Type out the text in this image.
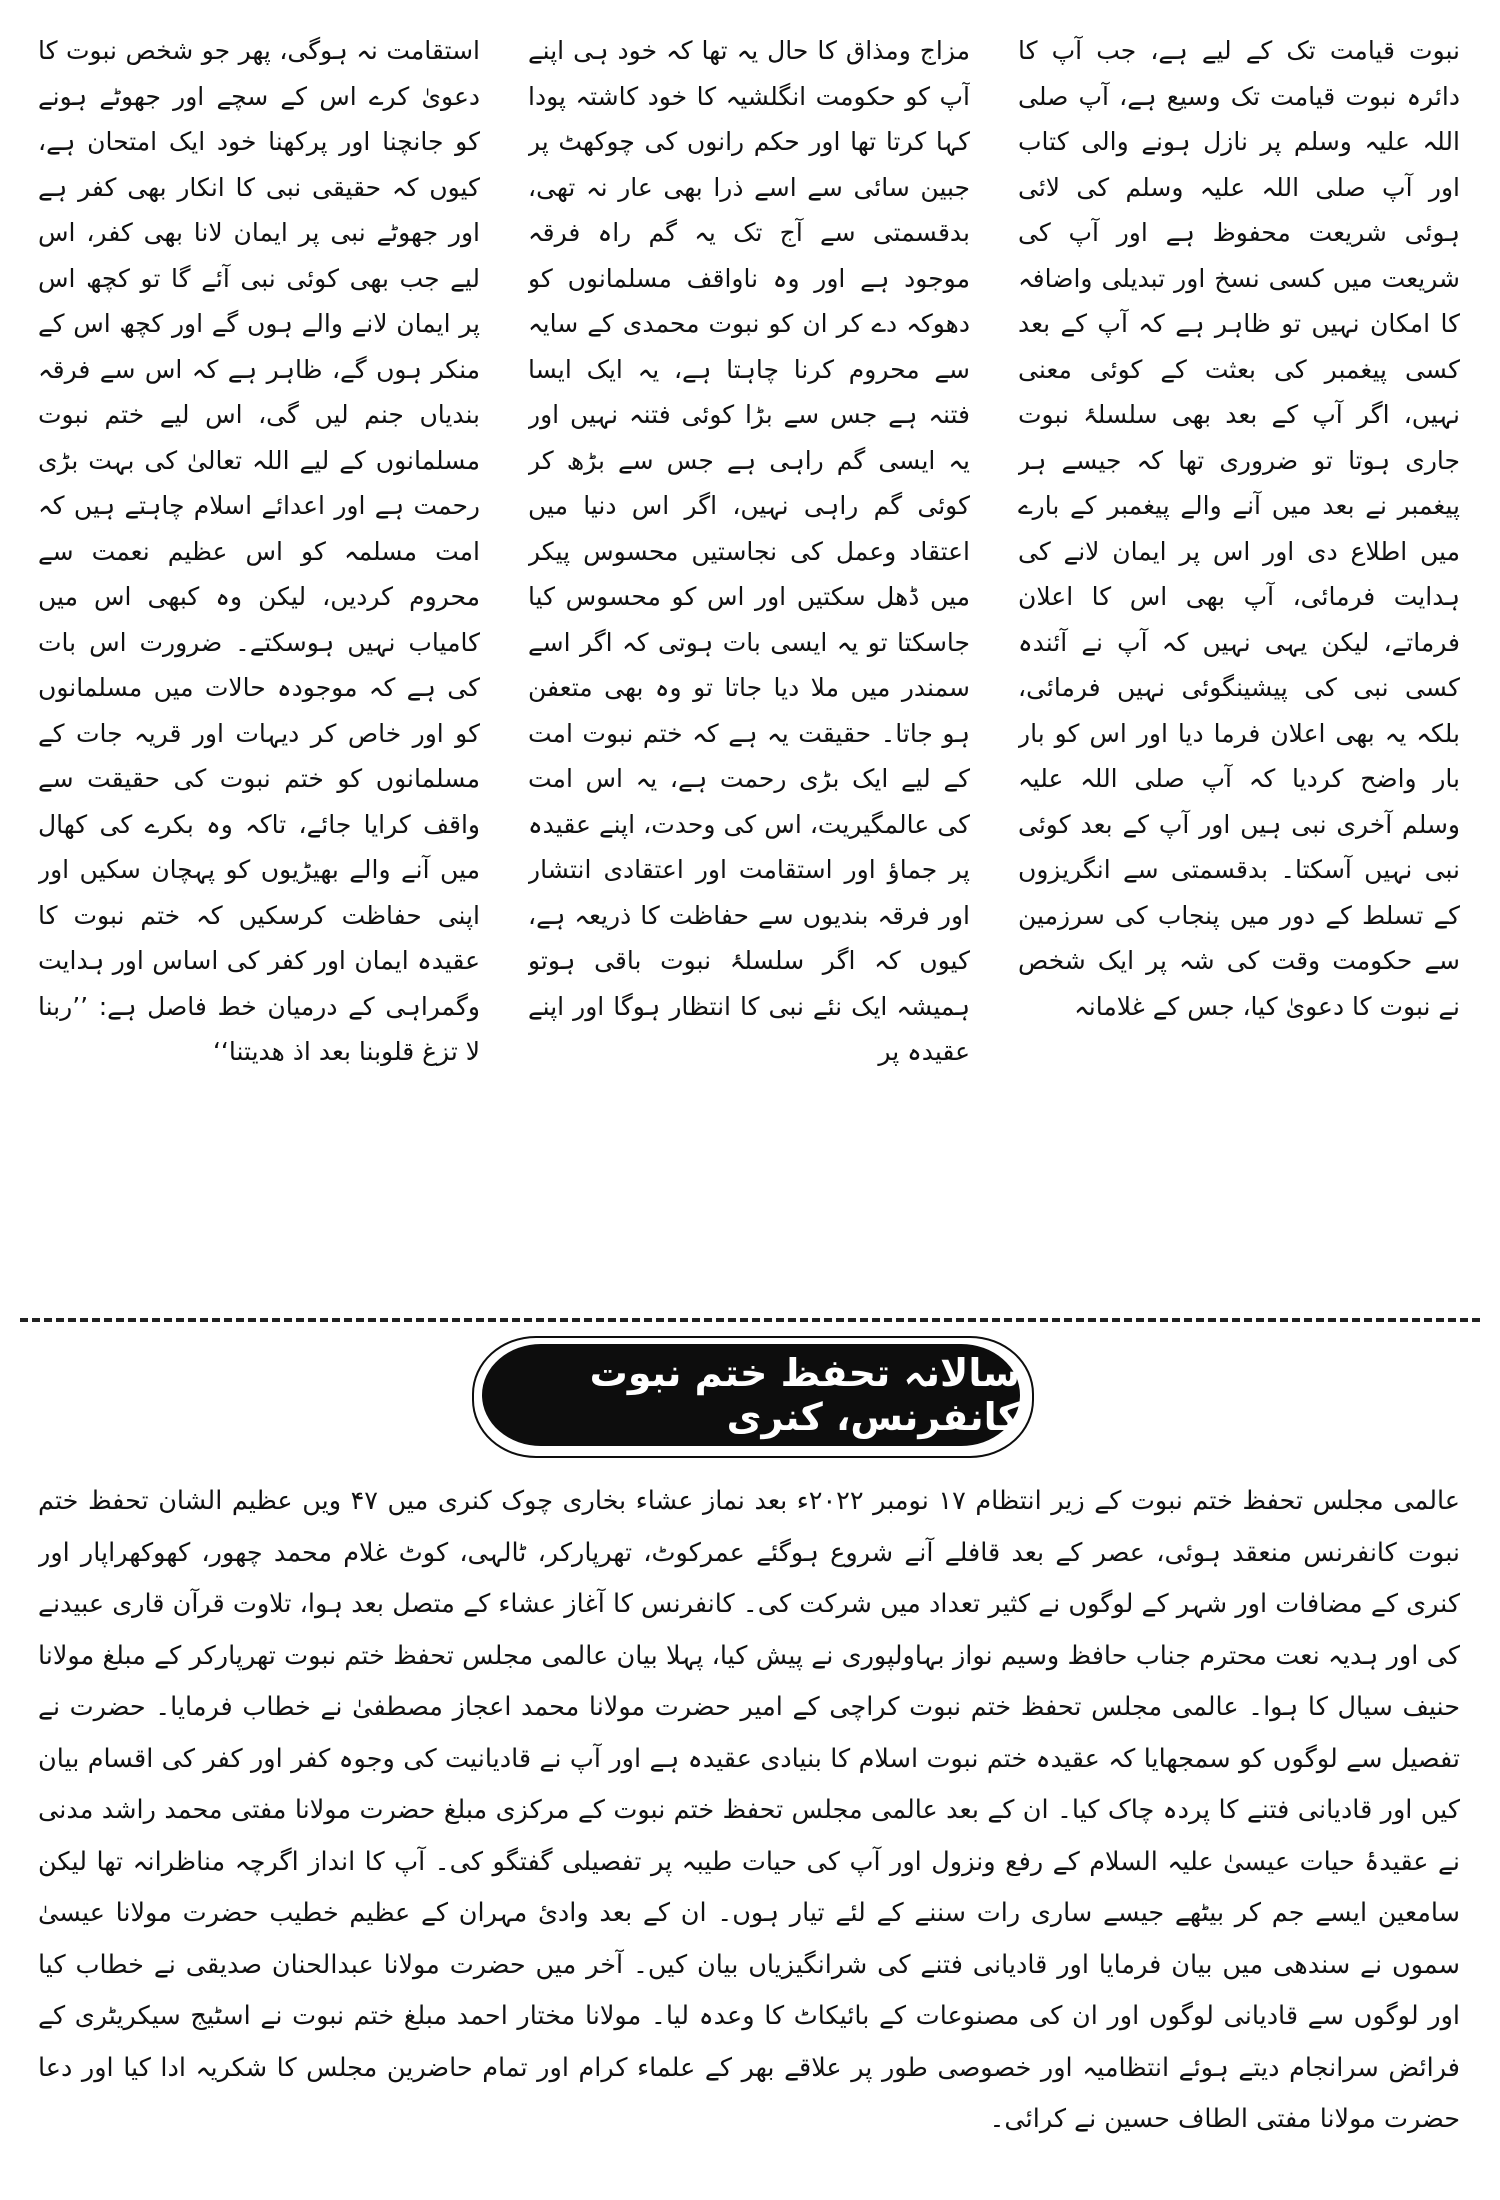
نبوت قیامت تک کے لیے ہے، جب آپ کا دائرہ نبوت قیامت تک وسیع ہے، آپ صلی اللہ علیہ وسلم پر نازل ہونے والی کتاب اور آپ صلی اللہ علیہ وسلم کی لائی ہوئی شریعت محفوظ ہے اور آپ کی شریعت میں کسی نسخ اور تبدیلی واضافہ کا امکان نہیں تو ظاہر ہے کہ آپ کے بعد کسی پیغمبر کی بعثت کے کوئی معنی نہیں، اگر آپ کے بعد بھی سلسلۂ نبوت جاری ہوتا تو ضروری تھا کہ جیسے ہر پیغمبر نے بعد میں آنے والے پیغمبر کے بارے میں اطلاع دی اور اس پر ایمان لانے کی ہدایت فرمائی، آپ بھی اس کا اعلان فرماتے، لیکن یہی نہیں کہ آپ نے آئندہ کسی نبی کی پیشینگوئی نہیں فرمائی، بلکہ یہ بھی اعلان فرما دیا اور اس کو بار بار واضح کردیا کہ آپ صلی اللہ علیہ وسلم آخری نبی ہیں اور آپ کے بعد کوئی نبی نہیں آسکتا۔ بدقسمتی سے انگریزوں کے تسلط کے دور میں پنجاب کی سرزمین سے حکومت وقت کی شہ پر ایک شخص نے نبوت کا دعویٰ کیا، جس کے غلامانہ

مزاج ومذاق کا حال یہ تھا کہ خود ہی اپنے آپ کو حکومت انگلشیہ کا خود کاشتہ پودا کہا کرتا تھا اور حکم رانوں کی چوکھٹ پر جبین سائی سے اسے ذرا بھی عار نہ تھی، بدقسمتی سے آج تک یہ گم راہ فرقہ موجود ہے اور وہ ناواقف مسلمانوں کو دھوکہ دے کر ان کو نبوت محمدی کے سایہ سے محروم کرنا چاہتا ہے، یہ ایک ایسا فتنہ ہے جس سے بڑا کوئی فتنہ نہیں اور یہ ایسی گم راہی ہے جس سے بڑھ کر کوئی گم راہی نہیں، اگر اس دنیا میں اعتقاد وعمل کی نجاستیں محسوس پیکر میں ڈھل سکتیں اور اس کو محسوس کیا جاسکتا تو یہ ایسی بات ہوتی کہ اگر اسے سمندر میں ملا دیا جاتا تو وہ بھی متعفن ہو جاتا۔ حقیقت یہ ہے کہ ختم نبوت امت کے لیے ایک بڑی رحمت ہے، یہ اس امت کی عالمگیریت، اس کی وحدت، اپنے عقیدہ پر جماؤ اور استقامت اور اعتقادی انتشار اور فرقہ بندیوں سے حفاظت کا ذریعہ ہے، کیوں کہ اگر سلسلۂ نبوت باقی ہوتو ہمیشہ ایک نئے نبی کا انتظار ہوگا اور اپنے عقیدہ پر

استقامت نہ ہوگی، پھر جو شخص نبوت کا دعویٰ کرے اس کے سچے اور جھوٹے ہونے کو جانچنا اور پرکھنا خود ایک امتحان ہے، کیوں کہ حقیقی نبی کا انکار بھی کفر ہے اور جھوٹے نبی پر ایمان لانا بھی کفر، اس لیے جب بھی کوئی نبی آئے گا تو کچھ اس پر ایمان لانے والے ہوں گے اور کچھ اس کے منکر ہوں گے، ظاہر ہے کہ اس سے فرقہ بندیاں جنم لیں گی، اس لیے ختم نبوت مسلمانوں کے لیے اللہ تعالیٰ کی بہت بڑی رحمت ہے اور اعدائے اسلام چاہتے ہیں کہ امت مسلمہ کو اس عظیم نعمت سے محروم کردیں، لیکن وہ کبھی اس میں کامیاب نہیں ہوسکتے۔ ضرورت اس بات کی ہے کہ موجودہ حالات میں مسلمانوں کو اور خاص کر دیہات اور قریہ جات کے مسلمانوں کو ختم نبوت کی حقیقت سے واقف کرایا جائے، تاکہ وہ بکرے کی کھال میں آنے والے بھیڑیوں کو پہچان سکیں اور اپنی حفاظت کرسکیں کہ ختم نبوت کا عقیدہ ایمان اور کفر کی اساس اور ہدایت وگمراہی کے درمیان خط فاصل ہے: ’’ربنا لا تزغ قلوبنا بعد اذ ھدیتنا‘‘

سالانہ تحفظ ختم نبوت کانفرنس، کنری

عالمی مجلس تحفظ ختم نبوت کے زیر انتظام ۱۷ نومبر ۲۰۲۲ء بعد نماز عشاء بخاری چوک کنری میں ۴۷ ویں عظیم الشان تحفظ ختم نبوت کانفرنس منعقد ہوئی، عصر کے بعد قافلے آنے شروع ہوگئے عمرکوٹ، تھرپارکر، ٹالہی، کوٹ غلام محمد چھور، کھوکھراپار اور کنری کے مضافات اور شہر کے لوگوں نے کثیر تعداد میں شرکت کی۔ کانفرنس کا آغاز عشاء کے متصل بعد ہوا، تلاوت قرآن قاری عبیدنے کی اور ہدیہ نعت محترم جناب حافظ وسیم نواز بہاولپوری نے پیش کیا، پہلا بیان عالمی مجلس تحفظ ختم نبوت تھرپارکر کے مبلغ مولانا حنیف سیال کا ہوا۔ عالمی مجلس تحفظ ختم نبوت کراچی کے امیر حضرت مولانا محمد اعجاز مصطفیٰ نے خطاب فرمایا۔ حضرت نے تفصیل سے لوگوں کو سمجھایا کہ عقیدہ ختم نبوت اسلام کا بنیادی عقیدہ ہے اور آپ نے قادیانیت کی وجوہ کفر اور کفر کی اقسام بیان کیں اور قادیانی فتنے کا پردہ چاک کیا۔ ان کے بعد عالمی مجلس تحفظ ختم نبوت کے مرکزی مبلغ حضرت مولانا مفتی محمد راشد مدنی نے عقیدۂ حیات عیسیٰ علیہ السلام کے رفع ونزول اور آپ کی حیات طیبہ پر تفصیلی گفتگو کی۔ آپ کا انداز اگرچہ مناظرانہ تھا لیکن سامعین ایسے جم کر بیٹھے جیسے ساری رات سننے کے لئے تیار ہوں۔ ان کے بعد وادیٔ مہران کے عظیم خطیب حضرت مولانا عیسیٰ سموں نے سندھی میں بیان فرمایا اور قادیانی فتنے کی شرانگیزیاں بیان کیں۔ آخر میں حضرت مولانا عبدالحنان صدیقی نے خطاب کیا اور لوگوں سے قادیانی لوگوں اور ان کی مصنوعات کے بائیکاٹ کا وعدہ لیا۔ مولانا مختار احمد مبلغ ختم نبوت نے اسٹیج سیکریٹری کے فرائض سرانجام دیتے ہوئے انتظامیہ اور خصوصی طور پر علاقے بھر کے علماء کرام اور تمام حاضرین مجلس کا شکریہ ادا کیا اور دعا حضرت مولانا مفتی الطاف حسین نے کرائی۔
